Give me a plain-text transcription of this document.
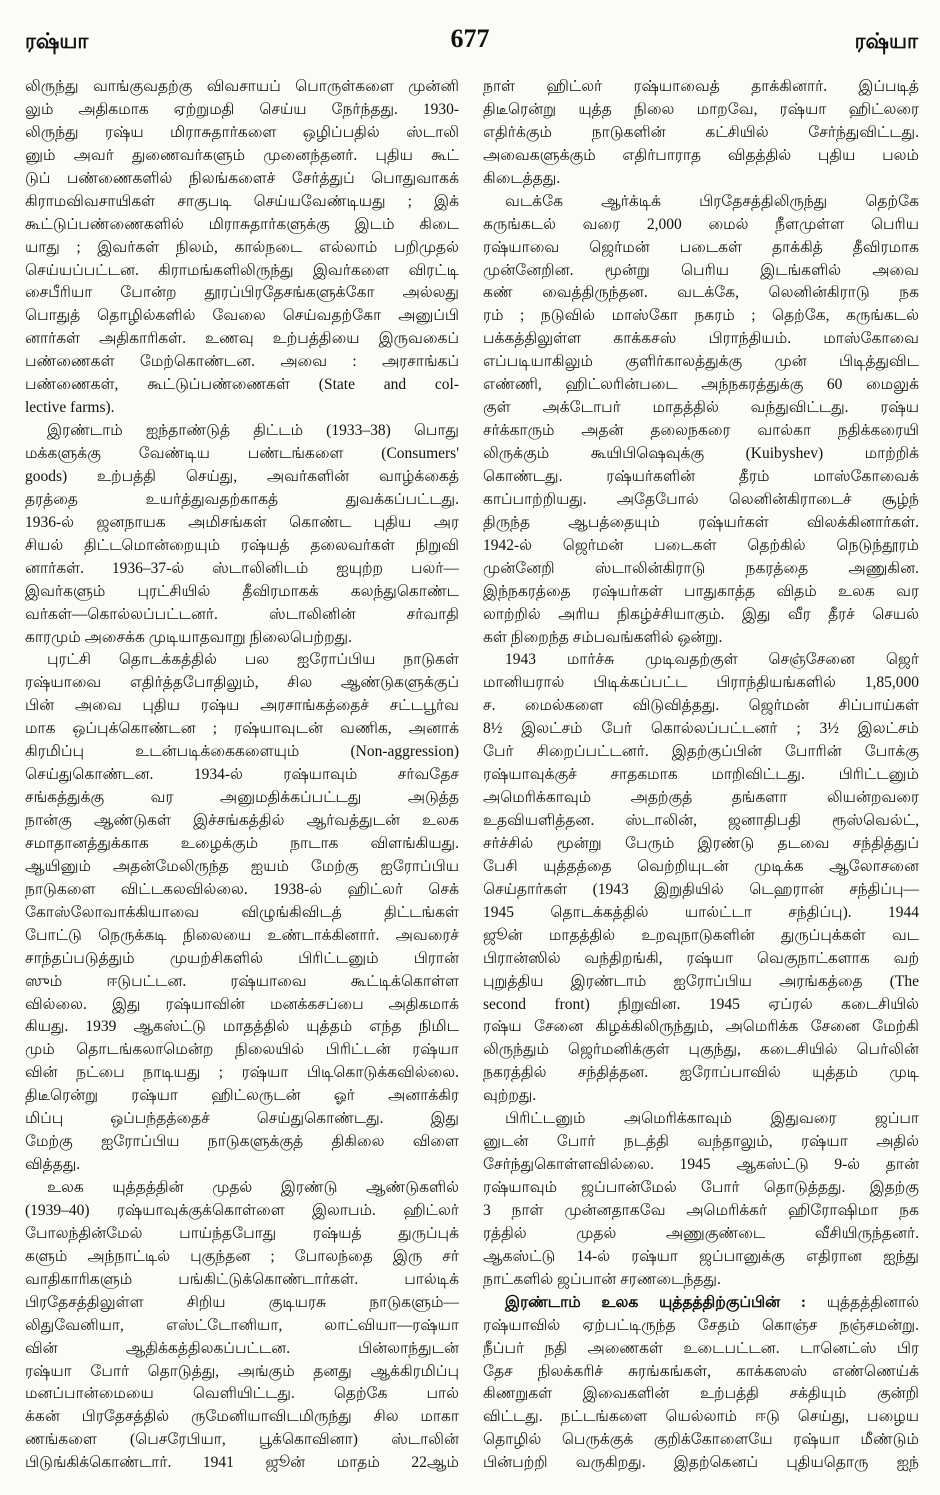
ரஷ்யா	677	ரஷ்யா
லிருந்து வாங்குவதற்கு விவசாயப் பொருள்களை முன்னி
லும் அதிகமாக ஏற்றுமதி செய்ய நேர்ந்தது. 1930-
லிருந்து ரஷ்ய மிராசுதார்களை ஒழிப்பதில் ஸ்டாலி
னும் அவர் துணைவர்களும் முனைந்தனர். புதிய கூட்
டுப் பண்ணைகளில் நிலங்களைச் சேர்த்துப் பொதுவாகக்
கிராமவிவசாயிகள் சாகுபடி செய்யவேண்டியது ; இக்
கூட்டுப்பண்ணைகளில் மிராசுதார்களுக்கு இடம் கிடை
யாது ; இவர்கள் நிலம், கால்நடை எல்லாம் பறிமுதல்
செய்யப்பட்டன. கிராமங்களிலிருந்து இவர்களை விரட்டி
சைபீரியா போன்ற தூரப்பிரதேசங்களுக்கோ அல்லது
பொதுத் தொழில்களில் வேலை செய்வதற்கோ அனுப்பி
னார்கள் அதிகாரிகள். உணவு உற்பத்தியை இருவகைப்
பண்ணைகள் மேற்கொண்டன. அவை : அரசாங்கப்
பண்ணைகள், கூட்டுப்பண்ணைகள் (State and col-
lective farms).
இரண்டாம் ஐந்தாண்டுத் திட்டம் (1933–38) பொது
மக்களுக்கு வேண்டிய பண்டங்களை (Consumers'
goods) உற்பத்தி செய்து, அவர்களின் வாழ்க்கைத்
தரத்தை உயர்த்துவதற்காகத் துவக்கப்பட்டது.
1936-ல் ஜனநாயக அமிசங்கள் கொண்ட புதிய அர
சியல் திட்டமொன்றையும் ரஷ்யத் தலைவர்கள் நிறுவி
னார்கள். 1936–37-ல் ஸ்டாலினிடம் ஐயுற்ற பலர்—
இவர்களும் புரட்சியில் தீவிரமாகக் கலந்துகொண்ட
வர்கள்—கொல்லப்பட்டனர். ஸ்டாலினின் சர்வாதி
காரமும் அசைக்க முடியாதவாறு நிலைபெற்றது.
புரட்சி தொடக்கத்தில் பல ஐரோப்பிய நாடுகள்
ரஷ்யாவை எதிர்த்தபோதிலும், சில ஆண்டுகளுக்குப்
பின் அவை புதிய ரஷ்ய அரசாங்கத்தைச் சட்டபூர்வ
மாக ஒப்புக்கொண்டன ; ரஷ்யாவுடன் வணிக, அனாக்
கிரமிப்பு உடன்படிக்கைகளையும் (Non-aggression)
செய்துகொண்டன. 1934-ல் ரஷ்யாவும் சர்வதேச
சங்கத்துக்கு வர அனுமதிக்கப்பட்டது அடுத்த
நான்கு ஆண்டுகள் இச்சங்கத்தில் ஆர்வத்துடன் உலக
சமாதானத்துக்காக உழைக்கும் நாடாக விளங்கியது.
ஆயினும் அதன்மேலிருந்த ஐயம் மேற்கு ஐரோப்பிய
நாடுகளை விட்டகலவில்லை. 1938-ல் ஹிட்லர் செக்
கோஸ்லோவாக்கியாவை விழுங்கிவிடத் திட்டங்கள்
போட்டு நெருக்கடி நிலையை உண்டாக்கினார். அவரைச்
சாந்தப்படுத்தும் முயற்சிகளில் பிரிட்டனும் பிரான்
ஸும் ஈடுபட்டன. ரஷ்யாவை கூட்டிக்கொள்ள
வில்லை. இது ரஷ்யாவின் மனக்கசப்பை அதிகமாக்
கியது. 1939 ஆகஸ்ட்டு மாதத்தில் யுத்தம் எந்த நிமிட
மும் தொடங்கலாமென்ற நிலையில் பிரிட்டன் ரஷ்யா
வின் நட்பை நாடியது ; ரஷ்யா பிடிகொடுக்கவில்லை.
திடீரென்று ரஷ்யா ஹிட்லருடன் ஓர் அனாக்கிர
மிப்பு ஒப்பந்தத்தைச் செய்துகொண்டது. இது
மேற்கு ஐரோப்பிய நாடுகளுக்குத் திகிலை விளை
வித்தது.
உலக யுத்தத்தின் முதல் இரண்டு ஆண்டுகளில்
(1939–40) ரஷ்யாவுக்குக்கொள்ளை இலாபம். ஹிட்லர்
போலந்தின்மேல் பாய்ந்தபோது ரஷ்யத் துருப்புக்
களும் அந்நாட்டில் புகுந்தன ; போலந்தை இரு சர்
வாதிகாரிகளும் பங்கிட்டுக்கொண்டார்கள். பால்டிக்
பிரதேசத்திலுள்ள சிறிய குடியரசு நாடுகளும்—
லிதுவேனியா, எஸ்ட்டோனியா, லாட்வியா—ரஷ்யா
வின் ஆதிக்கத்திலகப்பட்டன. பின்லாந்துடன்
ரஷ்யா போர் தொடுத்து, அங்கும் தனது ஆக்கிரமிப்பு
மனப்பான்மையை வெளியிட்டது. தெற்கே பால்
க்கன் பிரதேசத்தில் ருமேனியாவிடமிருந்து சில மாகா
ணங்களை (பெசரேபியா, பூக்கொவினா) ஸ்டாலின்
பிடுங்கிக்கொண்டார். 1941 ஜூன் மாதம் 22ஆம்
நாள் ஹிட்லர் ரஷ்யாவைத் தாக்கினார். இப்படித்
திடீரென்று யுத்த நிலை மாறவே, ரஷ்யா ஹிட்லரை
எதிர்க்கும் நாடுகளின் கட்சியில் சேர்ந்துவிட்டது.
அவைகளுக்கும் எதிர்பாராத விதத்தில் புதிய பலம்
கிடைத்தது.
வடக்கே ஆர்க்டிக் பிரதேசத்திலிருந்து தெற்கே
கருங்கடல் வரை 2,000 மைல் நீளமுள்ள பெரிய
ரஷ்யாவை ஜெர்மன் படைகள் தாக்கித் தீவிரமாக
முன்னேறின. மூன்று பெரிய இடங்களில் அவை
கண் வைத்திருந்தன. வடக்கே, லெனின்கிராடு நக
ரம் ; நடுவில் மாஸ்கோ நகரம் ; தெற்கே, கருங்கடல்
பக்கத்திலுள்ள காக்கசஸ் பிராந்தியம். மாஸ்கோவை
எப்படியாகிலும் குளிர்காலத்துக்கு முன் பிடித்துவிட
எண்ணி, ஹிட்லரின்படை அந்நகரத்துக்கு 60 மைலுக்
குள் அக்டோபர் மாதத்தில் வந்துவிட்டது. ரஷ்ய
சர்க்காரும் அதன் தலைநகரை வால்கா நதிக்கரையி
லிருக்கும் கூயிபிஷெவுக்கு (Kuibyshev) மாற்றிக்
கொண்டது. ரஷ்யர்களின் தீரம் மாஸ்கோவைக்
காப்பாற்றியது. அதேபோல் லெனின்கிராடைச் சூழ்ந்
திருந்த ஆபத்தையும் ரஷ்யர்கள் விலக்கினார்கள்.
1942-ல் ஜெர்மன் படைகள் தெற்கில் நெடுந்தூரம்
முன்னேறி ஸ்டாலின்கிராடு நகரத்தை அணுகின.
இந்நகரத்தை ரஷ்யர்கள் பாதுகாத்த விதம் உலக வர
லாற்றில் அரிய நிகழ்ச்சியாகும். இது வீர தீரச் செயல்
கள் நிறைந்த சம்பவங்களில் ஒன்று.
1943 மார்ச்சு முடிவதற்குள் செஞ்சேனை ஜெர்
மானியரால் பிடிக்கப்பட்ட பிராந்தியங்களில் 1,85,000
ச. மைல்களை விடுவித்தது. ஜெர்மன் சிப்பாய்கள்
8½ இலட்சம் பேர் கொல்லப்பட்டனர் ; 3½ இலட்சம்
பேர் சிறைப்பட்டனர். இதற்குப்பின் போரின் போக்கு
ரஷ்யாவுக்குச் சாதகமாக மாறிவிட்டது. பிரிட்டனும்
அமெரிக்காவும் அதற்குத் தங்களா லியன்றவரை
உதவியளித்தன. ஸ்டாலின், ஜனாதிபதி ரூஸ்வெல்ட்,
சர்ச்சில் மூன்று பேரும் இரண்டு தடவை சந்தித்துப்
பேசி யுத்தத்தை வெற்றியுடன் முடிக்க ஆலோசனை
செய்தார்கள் (1943 இறுதியில் டெஹரான் சந்திப்பு—
1945 தொடக்கத்தில் யால்ட்டா சந்திப்பு). 1944
ஜூன் மாதத்தில் உறவுநாடுகளின் துருப்புக்கள் வட
பிரான்ஸில் வந்திறங்கி, ரஷ்யா வெகுநாட்களாக வற்
புறுத்திய இரண்டாம் ஐரோப்பிய அரங்கத்தை (The
second front) நிறுவின. 1945 ஏப்ரல் கடைசியில்
ரஷ்ய சேனை கிழக்கிலிருந்தும், அமெரிக்க சேனை மேற்கி
லிருந்தும் ஜெர்மனிக்குள் புகுந்து, கடைசியில் பெர்லின்
நகரத்தில் சந்தித்தன. ஐரோப்பாவில் யுத்தம் முடி
வுற்றது.
பிரிட்டனும் அமெரிக்காவும் இதுவரை ஜப்பா
னுடன் போர் நடத்தி வந்தாலும், ரஷ்யா அதில்
சேர்ந்துகொள்ளவில்லை. 1945 ஆகஸ்ட்டு 9-ல் தான்
ரஷ்யாவும் ஜப்பான்மேல் போர் தொடுத்தது. இதற்கு
3 நாள் முன்னதாகவே அமெரிக்கர் ஹிரோஷிமா நக
ரத்தில் முதல் அணுகுண்டை வீசியிருந்தனர்.
ஆகஸ்ட்டு 14-ல் ரஷ்யா ஜப்பானுக்கு எதிரான ஐந்து
நாட்களில் ஜப்பான் சரணடைந்தது.
இரண்டாம் உலக யுத்தத்திற்குப்பின் : யுத்தத்தினால்
ரஷ்யாவில் ஏற்பட்டிருந்த சேதம் கொஞ்ச நஞ்சமன்று.
நீப்பர் நதி அணைகள் உடைபட்டன. டானெட்ஸ் பிர
தேச நிலக்கரிச் சுரங்கங்கள், காக்கஸஸ் எண்ணெய்க்
கிணறுகள் இவைகளின் உற்பத்தி சக்தியும் குன்றி
விட்டது. நட்டங்களை யெல்லாம் ஈடு செய்து, பழைய
தொழில் பெருக்குக் குறிக்கோளையே ரஷ்யா மீண்டும்
பின்பற்றி வருகிறது. இதற்கெனப் புதியதொரு ஐந்
